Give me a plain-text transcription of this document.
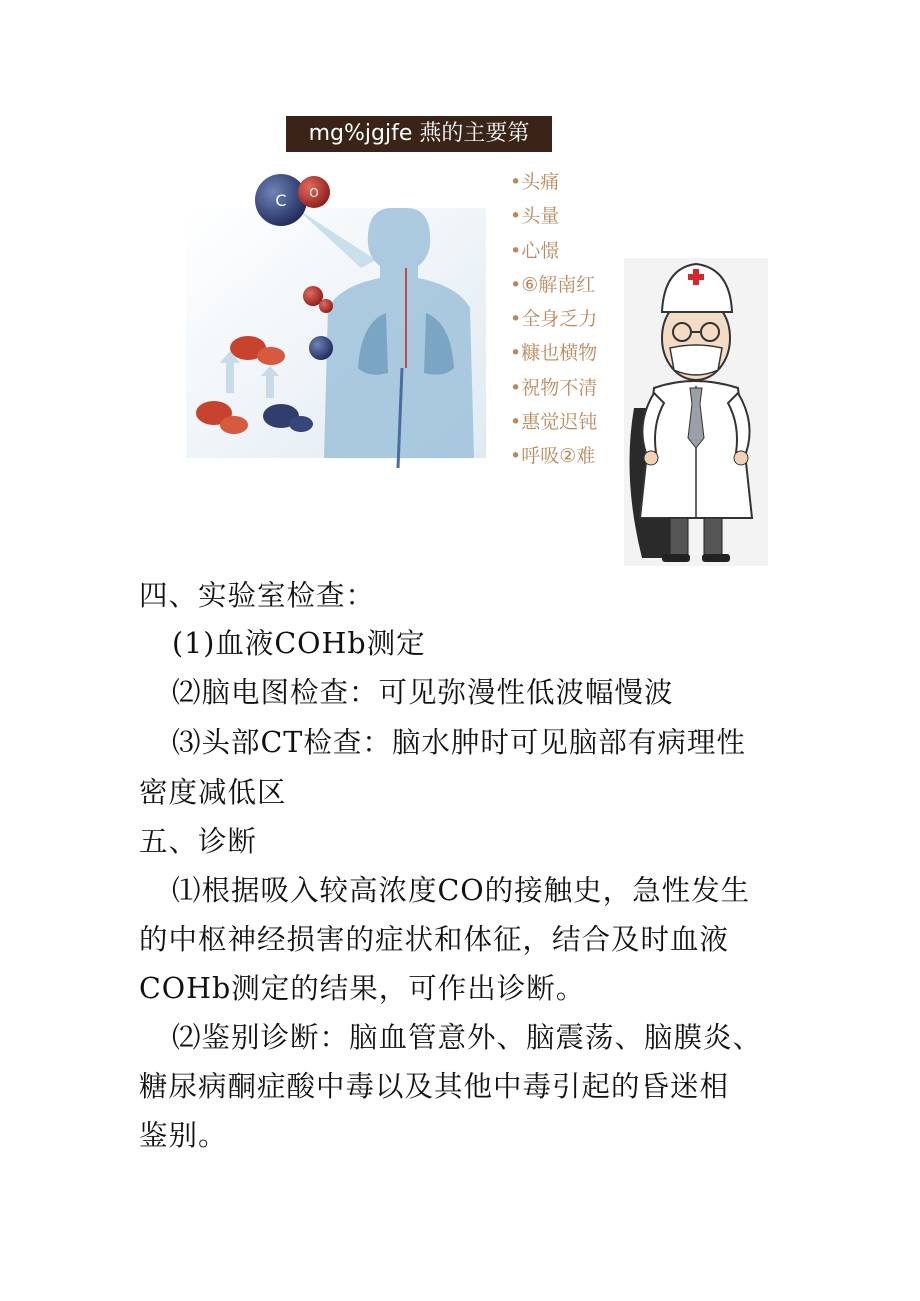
mg%jgjfe 燕的主要第
C O	•头痛
•头量
•心憬
•⑥解南红
•全身乏力
•糠也横物
•祝物不清
•惠觉迟钝
•呼吸②难
四、实验室检查：
(1)血液COHb测定
⑵脑电图检查：可见弥漫性低波幅慢波
⑶头部CT检查：脑水肿时可见脑部有病理性
密度减低区
五、诊断
⑴根据吸入较高浓度CO的接触史，急性发生
的中枢神经损害的症状和体征，结合及时血液
COHb测定的结果，可作出诊断。
⑵鉴别诊断：脑血管意外、脑震荡、脑膜炎、
糖尿病酮症酸中毒以及其他中毒引起的昏迷相
鉴别。
